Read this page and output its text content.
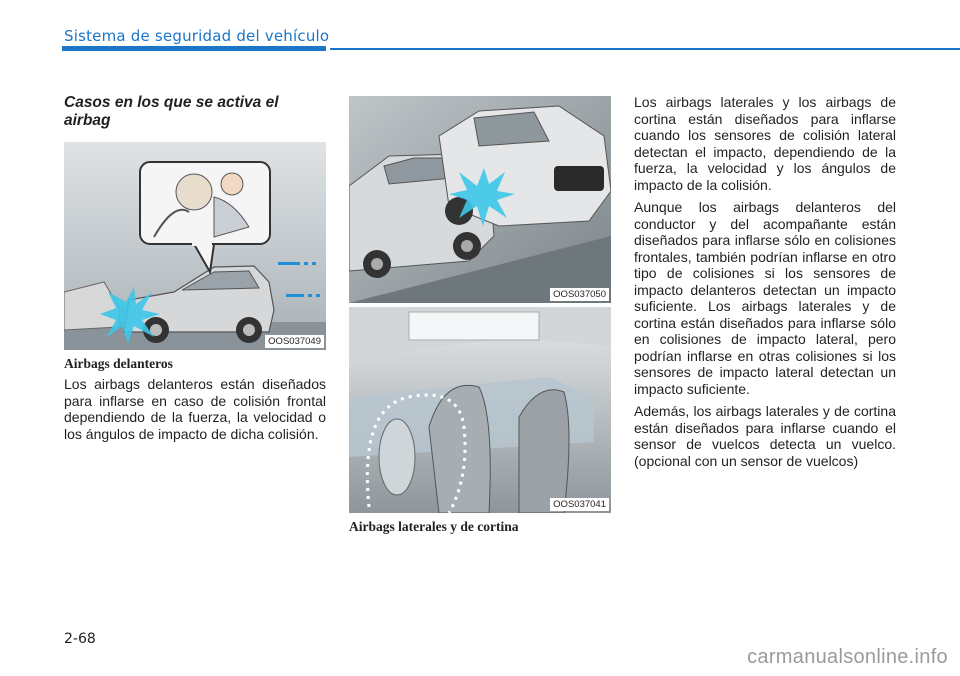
Sistema de seguridad del vehículo
Casos en los que se activa el airbag
OOS037049
Airbags delanteros

Los airbags delanteros están diseñados para inflarse en caso de colisión frontal dependiendo de la fuerza, la velocidad o los ángulos de impacto de dicha colisión.

OOS037050
OOS037041
Airbags laterales y de cortina

Los airbags laterales y los airbags de cortina están diseñados para inflarse cuando los sensores de colisión lateral detectan el impacto, dependiendo de la fuerza, la velocidad y los ángulos de impacto de la colisión.

Aunque los airbags delanteros del conductor y del acompañante están diseñados para inflarse sólo en colisiones frontales, también podrían inflarse en otro tipo de colisiones si los sensores de impacto delanteros detectan un impacto suficiente. Los airbags laterales y de cortina están diseñados para inflarse sólo en colisiones de impacto lateral, pero podrían inflarse en otras colisiones si los sensores de impacto lateral detectan un impacto suficiente.

Además, los airbags laterales y de cortina están diseñados para inflarse cuando el sensor de vuelcos detecta un vuelco. (opcional con un sensor de vuelcos)

2-68
carmanualsonline.info
